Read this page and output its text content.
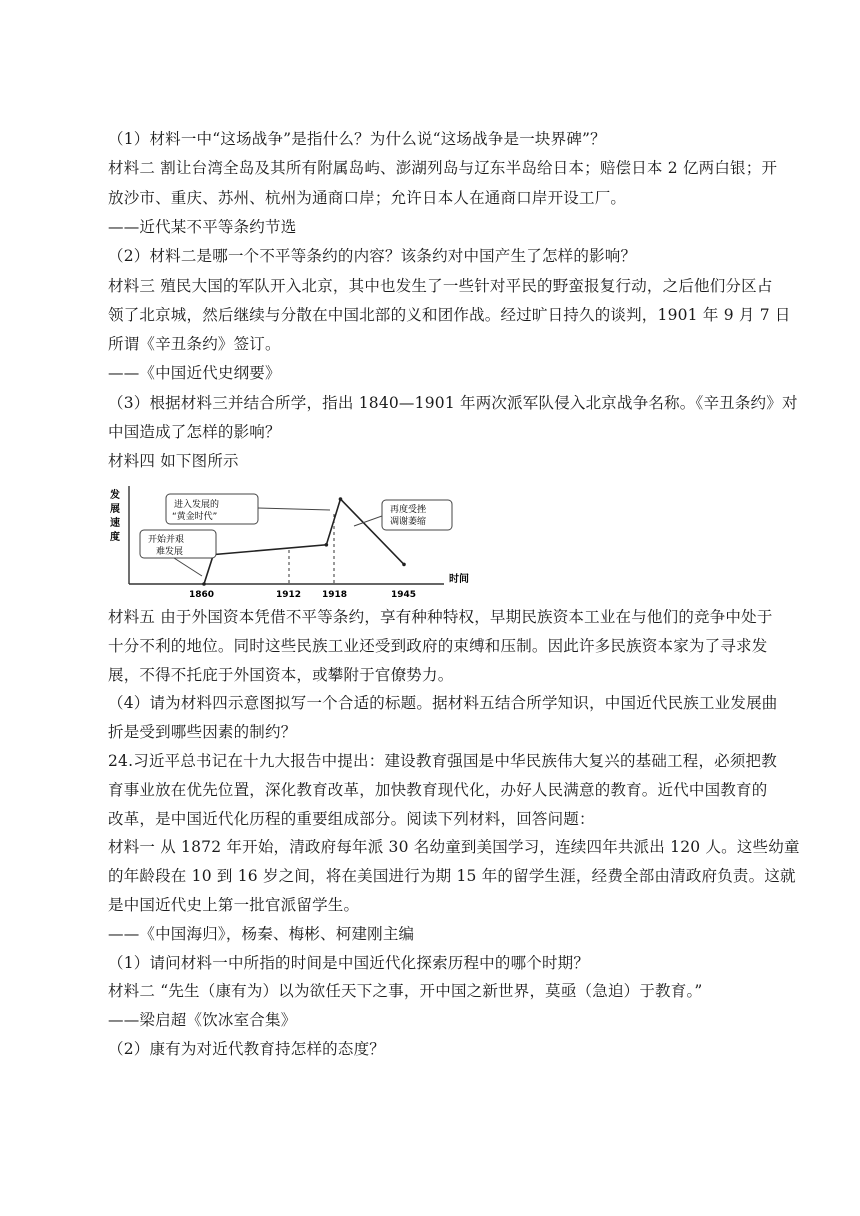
（1）材料一中“这场战争”是指什么？为什么说“这场战争是一块界碑”？
材料二 割让台湾全岛及其所有附属岛屿、澎湖列岛与辽东半岛给日本；赔偿日本 2 亿两白银；开
放沙市、重庆、苏州、杭州为通商口岸；允许日本人在通商口岸开设工厂。
——近代某不平等条约节选
（2）材料二是哪一个不平等条约的内容？该条约对中国产生了怎样的影响？
材料三 殖民大国的军队开入北京，其中也发生了一些针对平民的野蛮报复行动，之后他们分区占
领了北京城，然后继续与分散在中国北部的义和团作战。经过旷日持久的谈判，1901 年 9 月 7 日
所谓《辛丑条约》签订。
——《中国近代史纲要》
（3）根据材料三并结合所学，指出 1840—1901 年两次派军队侵入北京战争名称。《辛丑条约》对
中国造成了怎样的影响？
材料四 如下图所示
发
展
速
度
时间
1860	1912 1918	1945
进入发展的
“黄金时代”
开始并艰
难发展
再度受挫
凋谢萎缩
材料五 由于外国资本凭借不平等条约，享有种种特权，早期民族资本工业在与他们的竞争中处于
十分不利的地位。同时这些民族工业还受到政府的束缚和压制。因此许多民族资本家为了寻求发
展，不得不托庇于外国资本，或攀附于官僚势力。
（4）请为材料四示意图拟写一个合适的标题。据材料五结合所学知识，中国近代民族工业发展曲
折是受到哪些因素的制约？
24.习近平总书记在十九大报告中提出：建设教育强国是中华民族伟大复兴的基础工程，必须把教
育事业放在优先位置，深化教育改革，加快教育现代化，办好人民满意的教育。近代中国教育的
改革，是中国近代化历程的重要组成部分。阅读下列材料，回答问题：
材料一 从 1872 年开始，清政府每年派 30 名幼童到美国学习，连续四年共派出 120 人。这些幼童
的年龄段在 10 到 16 岁之间，将在美国进行为期 15 年的留学生涯，经费全部由清政府负责。这就
是中国近代史上第一批官派留学生。
——《中国海归》，杨秦、梅彬、柯建刚主编
（1）请问材料一中所指的时间是中国近代化探索历程中的哪个时期？
材料二 “先生（康有为）以为欲任天下之事，开中国之新世界，莫亟（急迫）于教育。”
——梁启超《饮冰室合集》
（2）康有为对近代教育持怎样的态度？
